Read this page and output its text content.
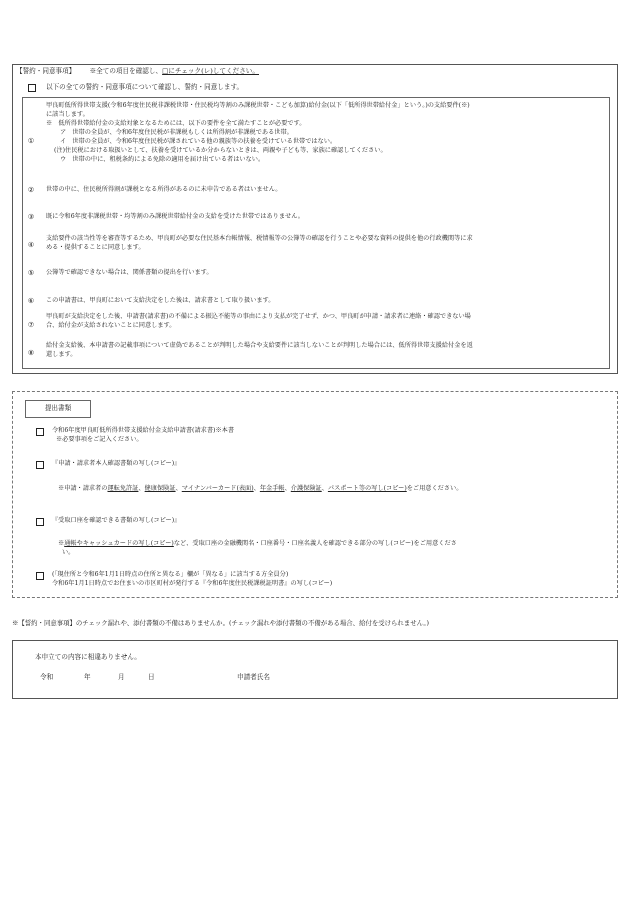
【誓約・同意事項】 ※全ての項目を確認し、□にチェック(レ)してください。
以下の全ての誓約・同意事項について確認し、誓約・同意します。
①
甲良町低所得世帯支援(令和6年度住民税非課税世帯・住民税均等割のみ課税世帯・こども加算)給付金(以下「低所得世帯給付金」という。)の支給要件(※)
に該当します。
※　低所得世帯給付金の支給対象となるためには、以下の要件を全て満たすことが必要です。
ア　世帯の全員が、令和6年度住民税が非課税もしくは所得割が非課税である世帯。
イ　世帯の全員が、令和6年度住民税が課されている他の親族等の扶養を受けている世帯ではない。
(注)住民税における取扱いとして、扶養を受けているか分からないときは、両親や子ども等、家族に確認してください。
ウ　世帯の中に、租税条約による免除の適用を届け出ている者はいない。
② 世帯の中に、住民税所得割が課税となる所得があるのに未申告である者はいません。
③ 既に令和6年度非課税世帯・均等割のみ課税世帯給付金の支給を受けた世帯ではありません。
④
支給要件の該当性等を審査等するため、甲良町が必要な住民基本台帳情報、税情報等の公簿等の確認を行うことや必要な資料の提供を他の行政機関等に求
める・提供することに同意します。
⑤ 公簿等で確認できない場合は、関係書類の提出を行います。
⑥ この申請書は、甲良町において支給決定をした後は、請求書として取り扱います。
⑦
甲良町が支給決定をした後、申請書(請求書)の不備による振込不能等の事由により支払が完了せず、かつ、甲良町が申請・請求者に連絡・確認できない場
合、給付金が支給されないことに同意します。
⑧
給付金支給後、本申請書の記載事項について虚偽であることが判明した場合や支給要件に該当しないことが判明した場合には、低所得世帯支援給付金を返
還します。
提出書類
令和6年度甲良町低所得世帯支援給付金支給申請書(請求書)※本書
※必要事項をご記入ください。
『申請・請求者本人確認書類の写し(コピー)』
※申請・請求者の運転免許証、健康保険証、マイナンバーカード(表面)、年金手帳、介護保険証、パスポート等の写し(コピー)をご用意ください。
『受取口座を確認できる書類の写し(コピー)』
※通帳やキャッシュカードの写し(コピー)など、受取口座の金融機関名・口座番号・口座名義人を確認できる部分の写し(コピー)をご用意くださ
い。
(「現住所と令和6年1月1日時点の住所と異なる」欄が「異なる」に該当する方全員分)
令和6年1月1日時点でお住まいの市区町村が発行する『令和6年度住民税課税証明書』の写し(コピー)
※【誓約・同意事項】のチェック漏れや、添付書類の不備はありませんか。(チェック漏れや添付書類の不備がある場合、給付を受けられません。)
本申立ての内容に相違ありません。
令和	年	月	日	申請者氏名
